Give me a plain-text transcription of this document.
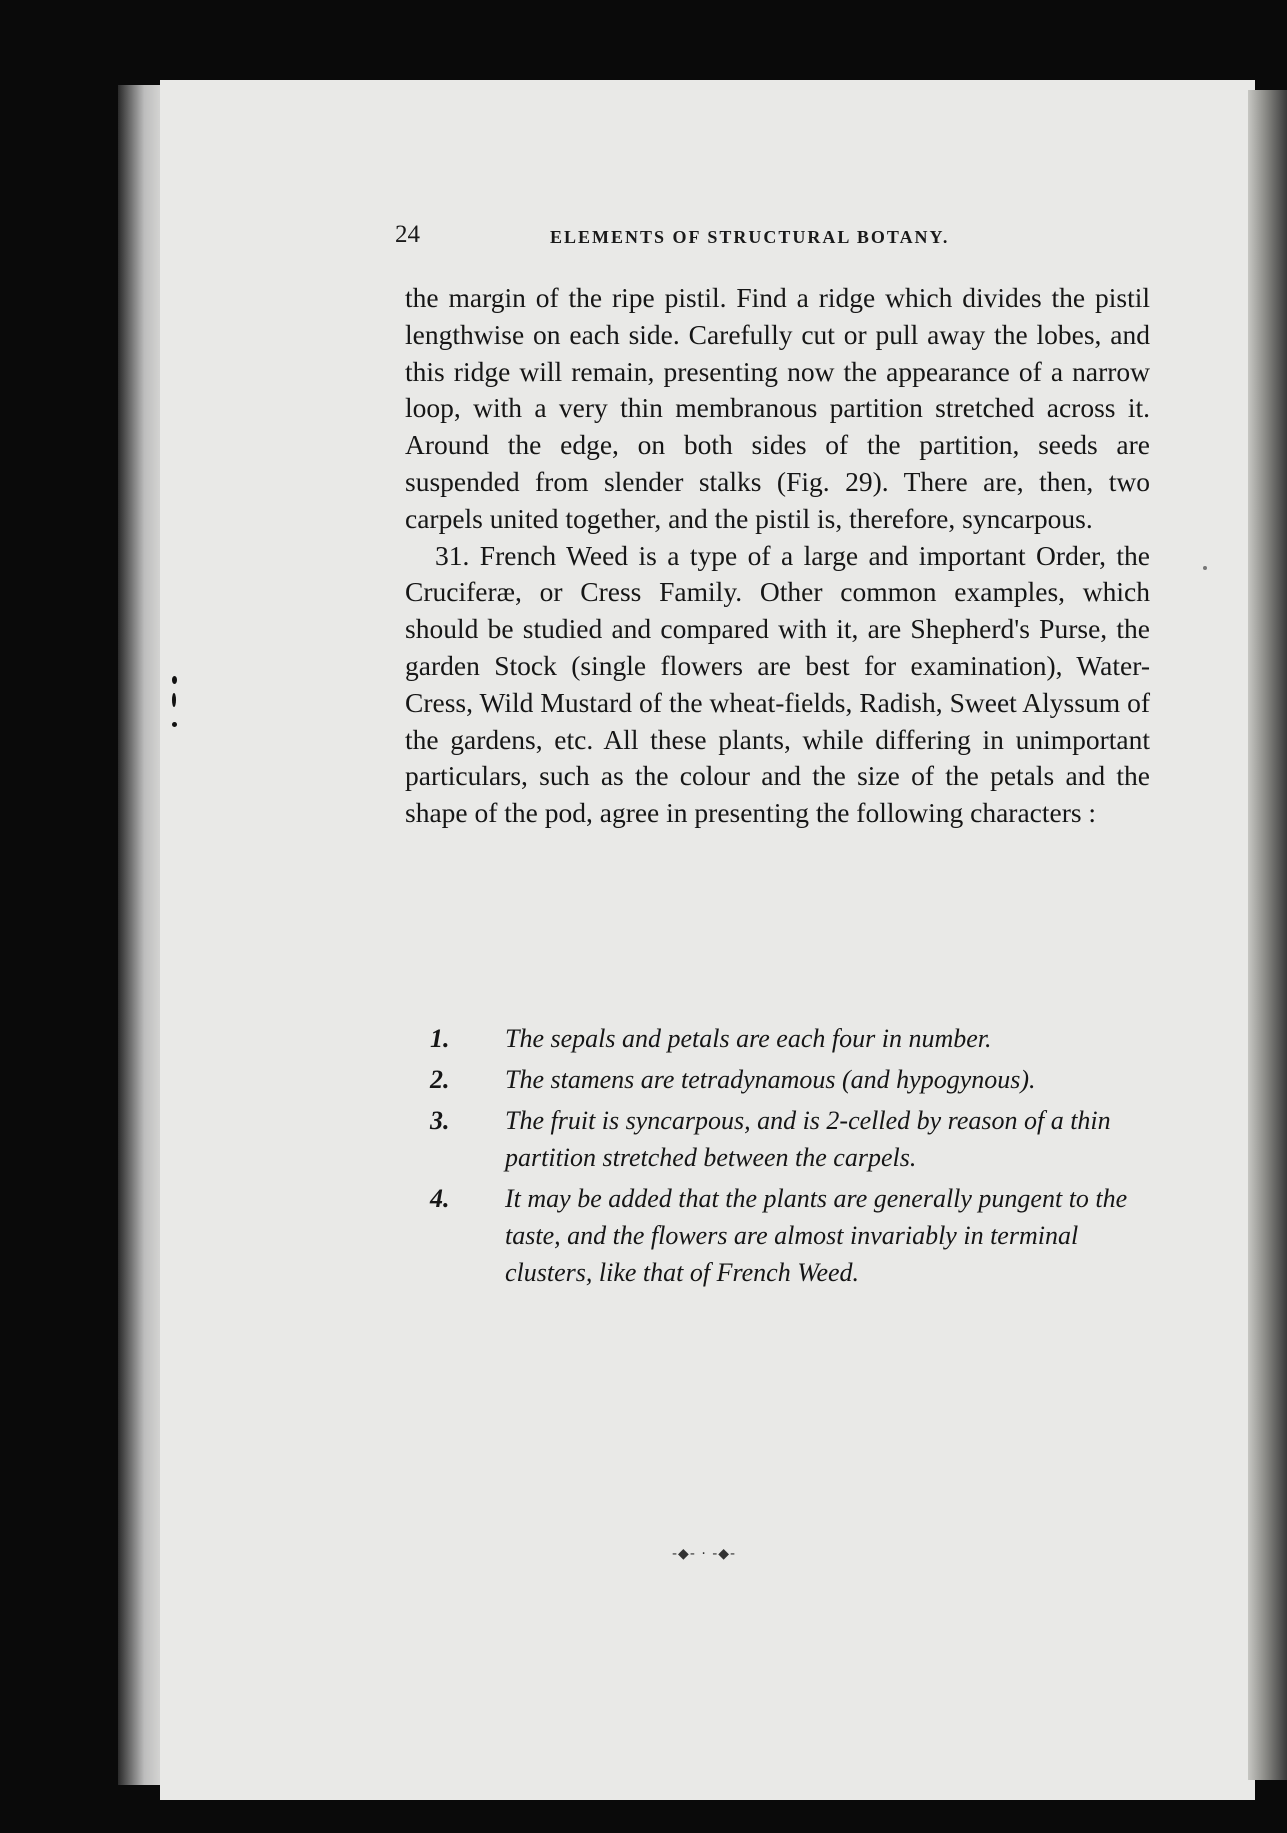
24	ELEMENTS OF STRUCTURAL BOTANY.

the margin of the ripe pistil. Find a ridge which divides the pistil lengthwise on each side. Carefully cut or pull away the lobes, and this ridge will remain, presenting now the appearance of a narrow loop, with a very thin membranous partition stretched across it. Around the edge, on both sides of the partition, seeds are suspended from slender stalks (Fig. 29). There are, then, two carpels united together, and the pistil is, therefore, syncarpous.

31. French Weed is a type of a large and important Order, the Cruciferæ, or Cress Family. Other common examples, which should be studied and compared with it, are Shepherd's Purse, the garden Stock (single flowers are best for examination), Water-Cress, Wild Mustard of the wheat-fields, Radish, Sweet Alyssum of the gardens, etc. All these plants, while differing in unimportant particulars, such as the colour and the size of the petals and the shape of the pod, agree in presenting the following characters :

1. The sepals and petals are each four in number.
2. The stamens are tetradynamous (and hypogynous).
3. The fruit is syncarpous, and is 2-celled by reason of a thin partition stretched between the carpels.
4. It may be added that the plants are generally pungent to the taste, and the flowers are almost invariably in terminal clusters, like that of French Weed.
-◆- · -◆-
